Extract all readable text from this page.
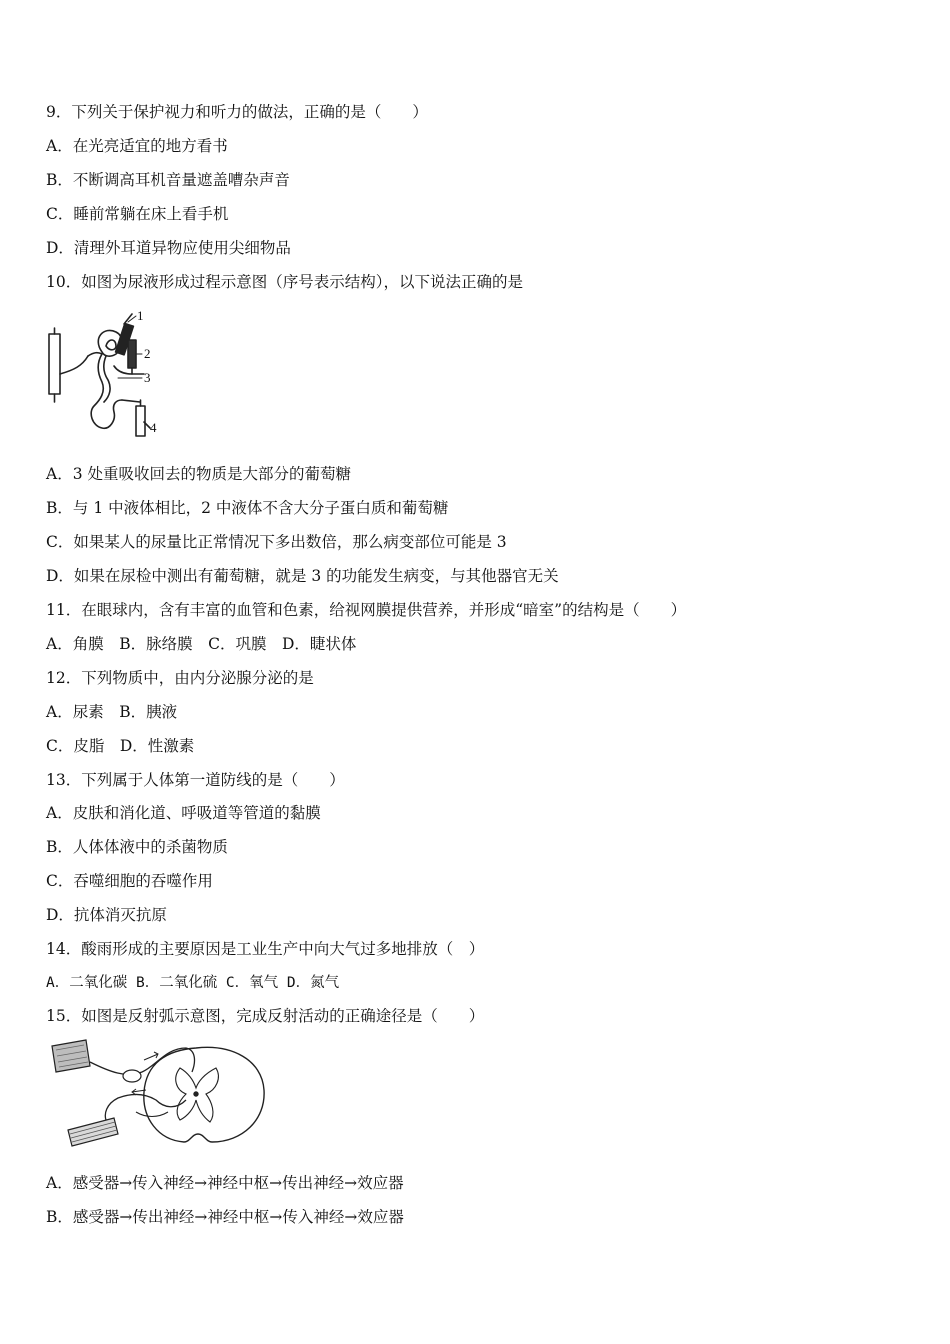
9．下列关于保护视力和听力的做法，正确的是（　　）
A．在光亮适宜的地方看书
B．不断调高耳机音量遮盖嘈杂声音
C．睡前常躺在床上看手机
D．清理外耳道异物应使用尖细物品
10．如图为尿液形成过程示意图（序号表示结构），以下说法正确的是
1
2
3
4
A．3 处重吸收回去的物质是大部分的葡萄糖
B．与 1 中液体相比，2 中液体不含大分子蛋白质和葡萄糖
C．如果某人的尿量比正常情况下多出数倍，那么病变部位可能是 3
D．如果在尿检中测出有葡萄糖，就是 3 的功能发生病变，与其他器官无关
11．在眼球内，含有丰富的血管和色素，给视网膜提供营养，并形成“暗室”的结构是（　　）
A．角膜　B．脉络膜　C．巩膜　D．睫状体
12．下列物质中，由内分泌腺分泌的是
A．尿素　B．胰液
C．皮脂　D．性激素
13．下列属于人体第一道防线的是（　　）
A．皮肤和消化道、呼吸道等管道的黏膜
B．人体体液中的杀菌物质
C．吞噬细胞的吞噬作用
D．抗体消灭抗原
14．酸雨形成的主要原因是工业生产中向大气过多地排放（　）
A．二氧化碳 B．二氧化硫 C．氧气 D．氮气
15．如图是反射弧示意图，完成反射活动的正确途径是（　　）
A．感受器→传入神经→神经中枢→传出神经→效应器
B．感受器→传出神经→神经中枢→传入神经→效应器
